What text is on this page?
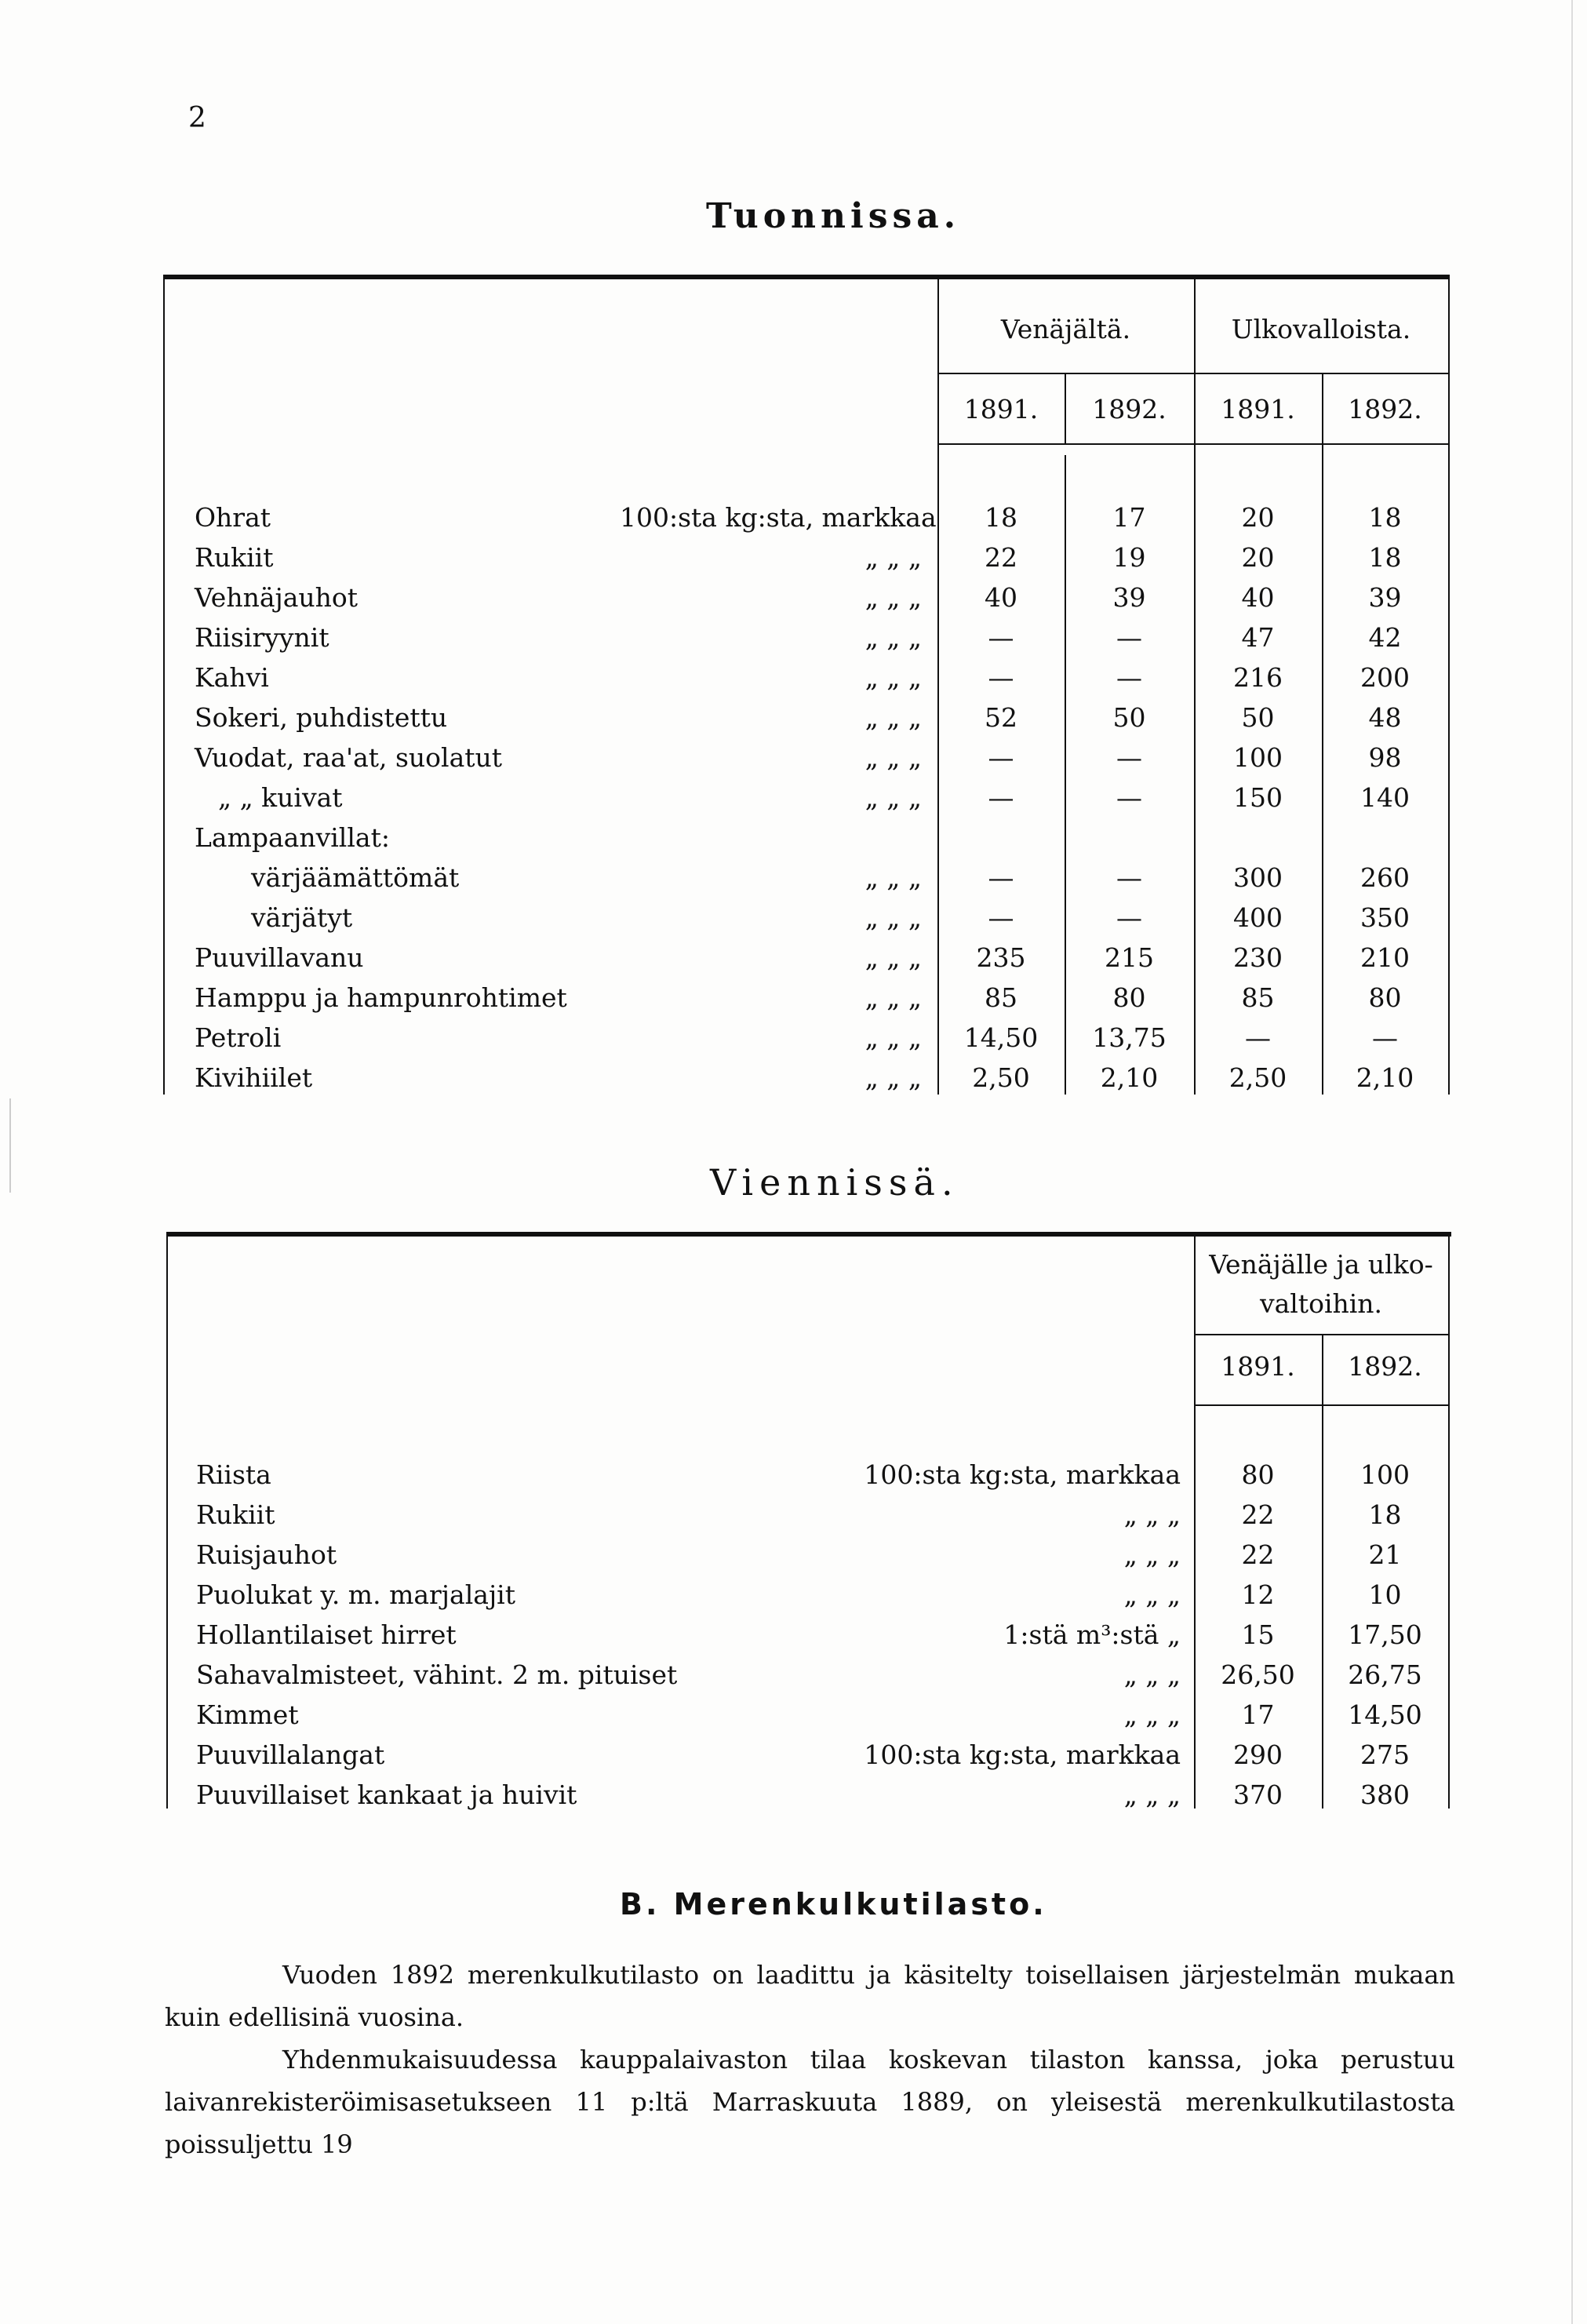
2
Tuonnissa.
Venäjältä.	Ulkovalloista.
1891.	1892.	1891.	1892.
Ohrat	100:sta kg:sta, markkaa	18	17	20	18
Rukiit	„ „ „	22	19	20	18
Vehnäjauhot	„ „ „	40	39	40	39
Riisiryynit	„ „ „	—	—	47	42
Kahvi	„ „ „	—	—	216	200
Sokeri, puhdistettu	„ „ „	52	50	50	48
Vuodat, raa'at, suolatut	„ „ „	—	—	100	98
„ „ kuivat	„ „ „	—	—	150	140
Lampaanvillat:
värjäämättömät	„ „ „	—	—	300	260
värjätyt	„ „ „	—	—	400	350
Puuvillavanu	„ „ „	235	215	230	210
Hamppu ja hampunrohtimet	„ „ „	85	80	85	80
Petroli	„ „ „	14,50	13,75	—	—
Kivihiilet	„ „ „	2,50	2,10	2,50	2,10
Viennissä.
Venäjälle ja ulko-
valtoihin.
1891.	1892.
Riista	100:sta kg:sta, markkaa	80	100
Rukiit	„ „ „	22	18
Ruisjauhot	„ „ „	22	21
Puolukat y. m. marjalajit	„ „ „	12	10
Hollantilaiset hirret	1:stä m³:stä „	15	17,50
Sahavalmisteet, vähint. 2 m. pituiset	„ „ „	26,50	26,75
Kimmet	„ „ „	17	14,50
Puuvillalangat	100:sta kg:sta, markkaa	290	275
Puuvillaiset kankaat ja huivit	„ „ „	370	380
B. Merenkulkutilasto.
Vuoden 1892 merenkulkutilasto on laadittu ja käsitelty toisellaisen järjestelmän mukaan kuin edellisinä vuosina.
Yhdenmukaisuudessa kauppalaivaston tilaa koskevan tilaston kanssa, joka perustuu laivanrekisteröimisasetukseen 11 p:ltä Marraskuuta 1889, on yleisestä merenkulkutilastosta poissuljettu 19
